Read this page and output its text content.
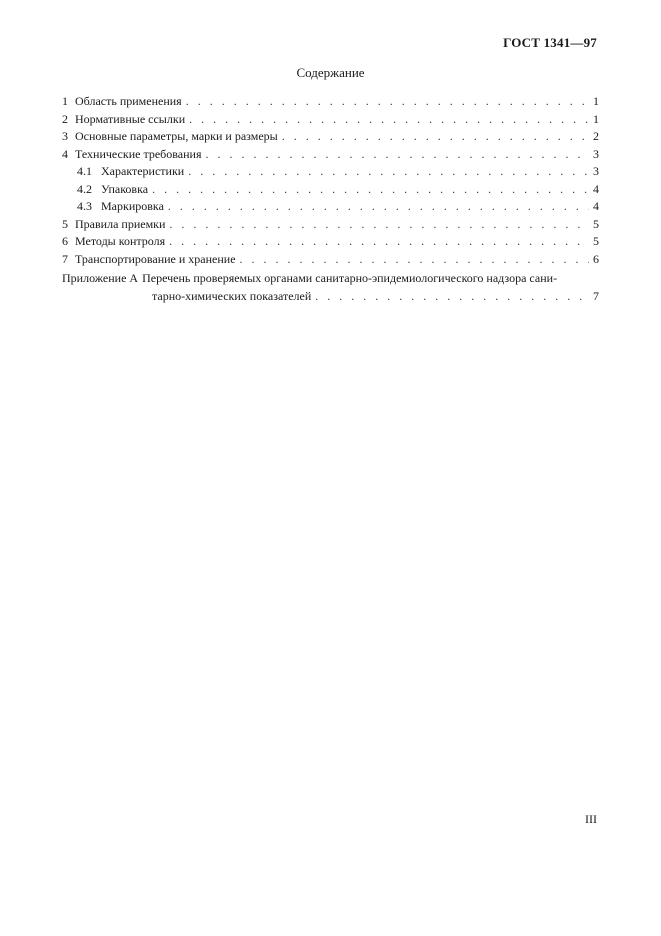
ГОСТ 1341—97
Содержание
1 Область применения . . .	1
2 Нормативные ссылки . . .	1
3 Основные параметры, марки и размеры . . .	2
4 Технические требования . . .	3
4.1 Характеристики . . .	3
4.2 Упаковка . . .	4
4.3 Маркировка . . .	4
5 Правила приемки . . .	5
6 Методы контроля . . .	5
7 Транспортирование и хранение . . .	6
Приложение А Перечень проверяемых органами санитарно-эпидемиологического надзора сани-
тарно-химических показателей . . .	7
III
